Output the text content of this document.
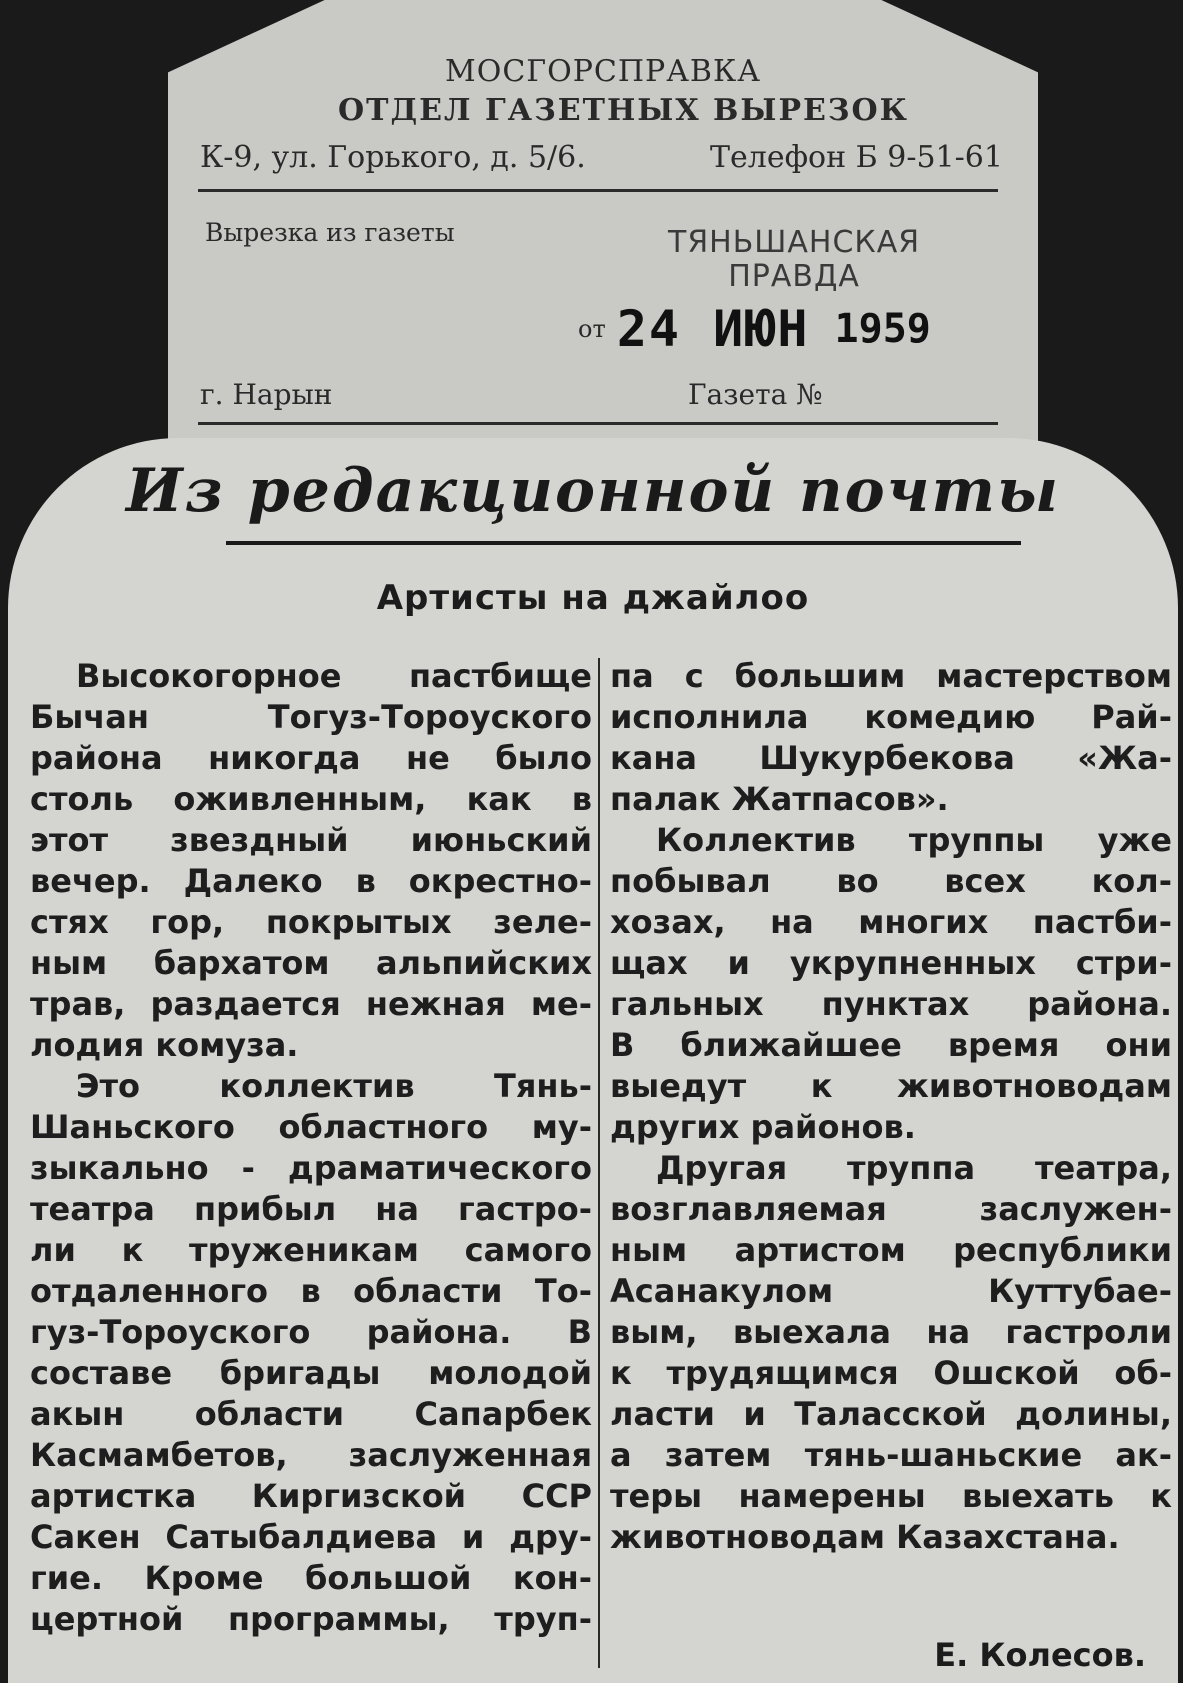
МОСГОРСПРАВКА
ОТДЕЛ ГАЗЕТНЫХ ВЫРЕЗОК
К-9, ул. Горького, д. 5/6.	Телефон Б 9-51-61
Вырезка из газеты	ТЯНЬШАНСКАЯ
ПРАВДА
от 24 ИЮН 1959
г. Нарын	Газета №
Из редакционной почты
Артисты на джайлоо

Высокогорное пастбище

Бычан Тогуз-Тороуского

района никогда не было

столь оживленным, как в

этот звездный июньский

вечер. Далеко в окрестно-

стях гор, покрытых зеле-

ным бархатом альпийских

трав, раздается нежная ме-

лодия комуза.

Это коллектив Тянь-

Шаньского областного му-

зыкально - драматического

театра прибыл на гастро-

ли к труженикам самого

отдаленного в области То-

гуз-Тороуского района. В

составе бригады молодой

акын области Сапарбек

Касмамбетов, заслуженная

артистка Киргизской ССР

Сакен Сатыбалдиева и дру-

гие. Кроме большой кон-

цертной программы, труп-

па с большим мастерством

исполнила комедию Рай-

кана Шукурбекова «Жа-

палак Жатпасов».

Коллектив труппы уже

побывал во всех кол-

хозах, на многих пастби-

щах и укрупненных стри-

гальных пунктах района.

В ближайшее время они

выедут к животноводам

других районов.

Другая труппа театра,

возглавляемая заслужен-

ным артистом республики

Асанакулом Куттубае-

вым, выехала на гастроли

к трудящимся Ошской об-

ласти и Таласской долины,

а затем тянь-шаньские ак-

теры намерены выехать к

животноводам Казахстана.

Е. Колесов.
